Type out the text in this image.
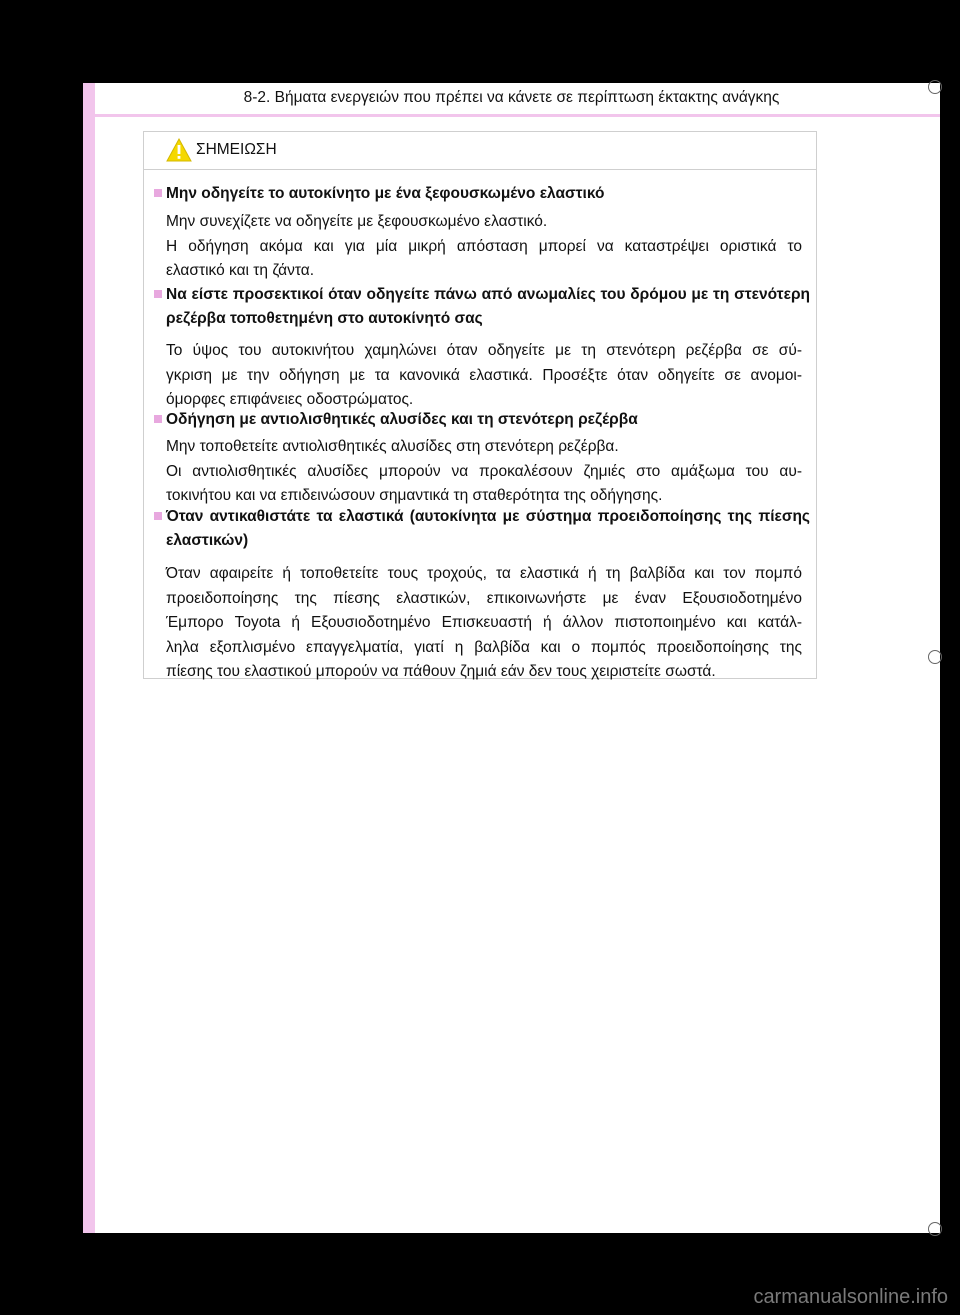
8-2. Βήματα ενεργειών που πρέπει να κάνετε σε περίπτωση έκτακτης ανάγκης
ΣΗΜΕΙΩΣΗ

Μην οδηγείτε το αυτοκίνητο με ένα ξεφουσκωμένο ελαστικό

Μην συνεχίζετε να οδηγείτε με ξεφουσκωμένο ελαστικό.
Η οδήγηση ακόμα και για μία μικρή απόσταση μπορεί να καταστρέψει οριστικά το
ελαστικό και τη ζάντα.

Να είστε προσεκτικοί όταν οδηγείτε πάνω από ανωμαλίες του δρόμου με τη στενότερη ρεζέρβα τοποθετημένη στο αυτοκίνητό σας

Το ύψος του αυτοκινήτου χαμηλώνει όταν οδηγείτε με τη στενότερη ρεζέρβα σε σύ-
γκριση με την οδήγηση με τα κανονικά ελαστικά. Προσέξτε όταν οδηγείτε σε ανομοι-
όμορφες επιφάνειες οδοστρώματος.

Οδήγηση με αντιολισθητικές αλυσίδες και τη στενότερη ρεζέρβα

Μην τοποθετείτε αντιολισθητικές αλυσίδες στη στενότερη ρεζέρβα.
Οι αντιολισθητικές αλυσίδες μπορούν να προκαλέσουν ζημιές στο αμάξωμα του αυ-
τοκινήτου και να επιδεινώσουν σημαντικά τη σταθερότητα της οδήγησης.

Όταν αντικαθιστάτε τα ελαστικά (αυτοκίνητα με σύστημα προειδοποίησης της πίεσης ελαστικών)

Όταν αφαιρείτε ή τοποθετείτε τους τροχούς, τα ελαστικά ή τη βαλβίδα και τον πομπό
προειδοποίησης της πίεσης ελαστικών, επικοινωνήστε με έναν Εξουσιοδοτημένο
Έμπορο Toyota ή Εξουσιοδοτημένο Επισκευαστή ή άλλον πιστοποιημένο και κατάλ-
ληλα εξοπλισμένο επαγγελματία, γιατί η βαλβίδα και ο πομπός προειδοποίησης της
πίεσης του ελαστικού μπορούν να πάθουν ζημιά εάν δεν τους χειριστείτε σωστά.

carmanualsonline.info
